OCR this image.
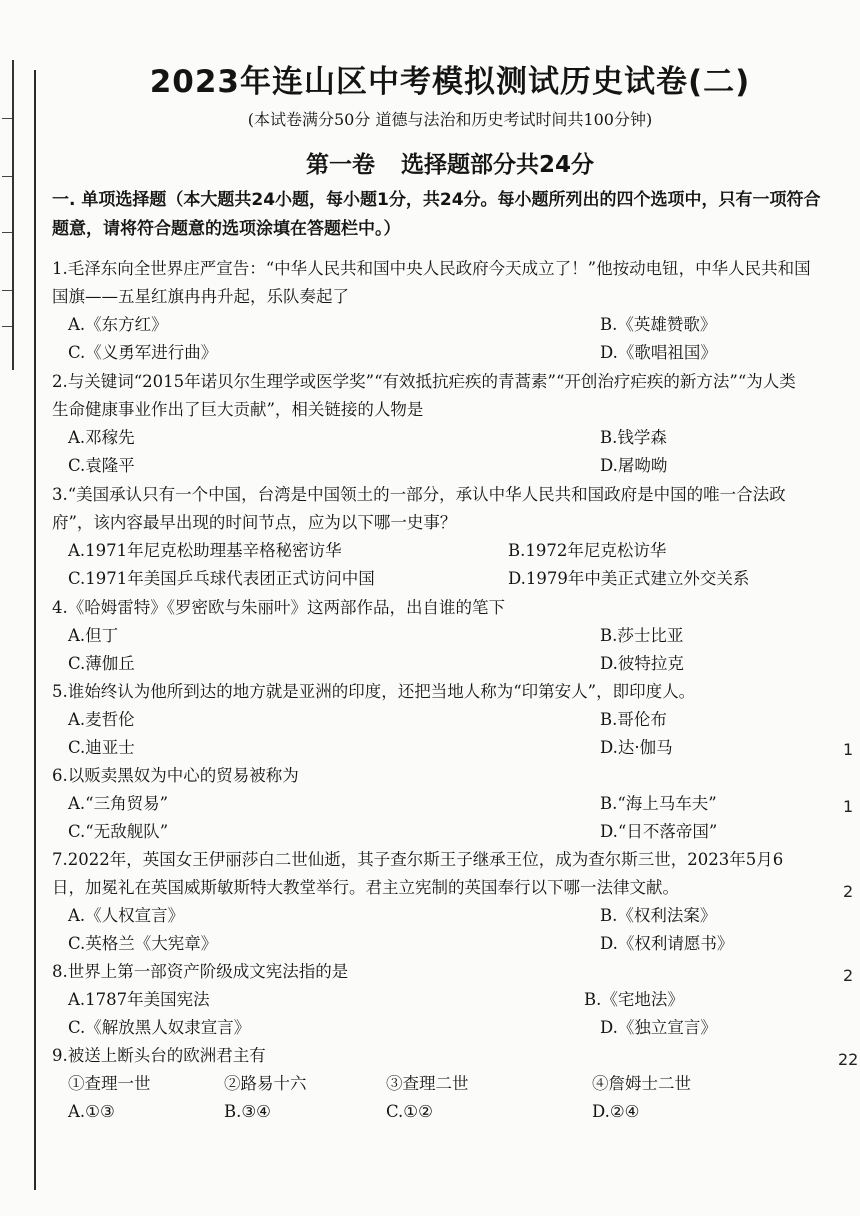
2023年连山区中考模拟测试历史试卷(二)
(本试卷满分50分 道德与法治和历史考试时间共100分钟)
第一卷 选择题部分共24分
一. 单项选择题（本大题共24小题，每小题1分，共24分。每小题所列出的四个选项中，只有一项符合题意，请将符合题意的选项涂填在答题栏中。）
1.毛泽东向全世界庄严宣告：“中华人民共和国中央人民政府今天成立了！”他按动电钮，中华人民共和国国旗——五星红旗冉冉升起，乐队奏起了
A.《东方红》	B.《英雄赞歌》
C.《义勇军进行曲》	D.《歌唱祖国》
2.与关键词“2015年诺贝尔生理学或医学奖”“有效抵抗疟疾的青蒿素”“开创治疗疟疾的新方法”“为人类生命健康事业作出了巨大贡献”，相关链接的人物是
A.邓稼先	B.钱学森
C.袁隆平	D.屠呦呦
3.“美国承认只有一个中国，台湾是中国领土的一部分，承认中华人民共和国政府是中国的唯一合法政府”，该内容最早出现的时间节点，应为以下哪一史事？
A.1971年尼克松助理基辛格秘密访华	B.1972年尼克松访华
C.1971年美国乒乓球代表团正式访问中国	D.1979年中美正式建立外交关系
4.《哈姆雷特》《罗密欧与朱丽叶》这两部作品，出自谁的笔下
A.但丁	B.莎士比亚
C.薄伽丘	D.彼特拉克
5.谁始终认为他所到达的地方就是亚洲的印度，还把当地人称为“印第安人”，即印度人。
A.麦哲伦	B.哥伦布
C.迪亚士	D.达·伽马
6.以贩卖黑奴为中心的贸易被称为
A.“三角贸易”	B.“海上马车夫”
C.“无敌舰队”	D.“日不落帝国”
7.2022年，英国女王伊丽莎白二世仙逝，其子查尔斯王子继承王位，成为查尔斯三世，2023年5月6日，加冕礼在英国威斯敏斯特大教堂举行。君主立宪制的英国奉行以下哪一法律文献。
A.《人权宣言》	B.《权利法案》
C.英格兰《大宪章》	D.《权利请愿书》
8.世界上第一部资产阶级成文宪法指的是
A.1787年美国宪法	B.《宅地法》
C.《解放黑人奴隶宣言》	D.《独立宣言》
9.被送上断头台的欧洲君主有
①查理一世	②路易十六	③查理二世	④詹姆士二世
A.①③	B.③④	C.①②	D.②④
1
1
2
2
22
